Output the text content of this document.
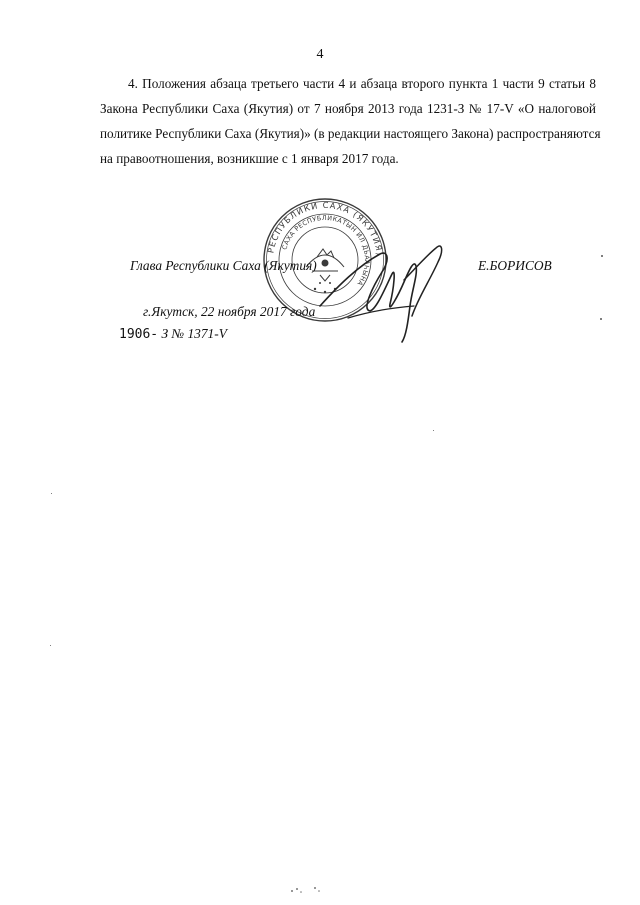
4
4. Положения абзаца третьего части 4 и абзаца второго пункта 1 части 9 статьи 8
Закона Республики Саха (Якутия) от 7 ноября 2013 года 1231-З № 17-V «О налоговой
политике Республики Саха (Якутия)» (в редакции настоящего Закона) распространяются
на правоотношения, возникшие с 1 января 2017 года.
РЕСПУБЛИКИ САХА (ЯКУТИЯ)
САХА РЕСПУБЛИКАТЫН ИЛ ДЬААҺЫНА
Глава Республики Саха (Якутия)	Е.БОРИСОВ
г.Якутск, 22 ноября 2017 года
1906- З № 1371-V
